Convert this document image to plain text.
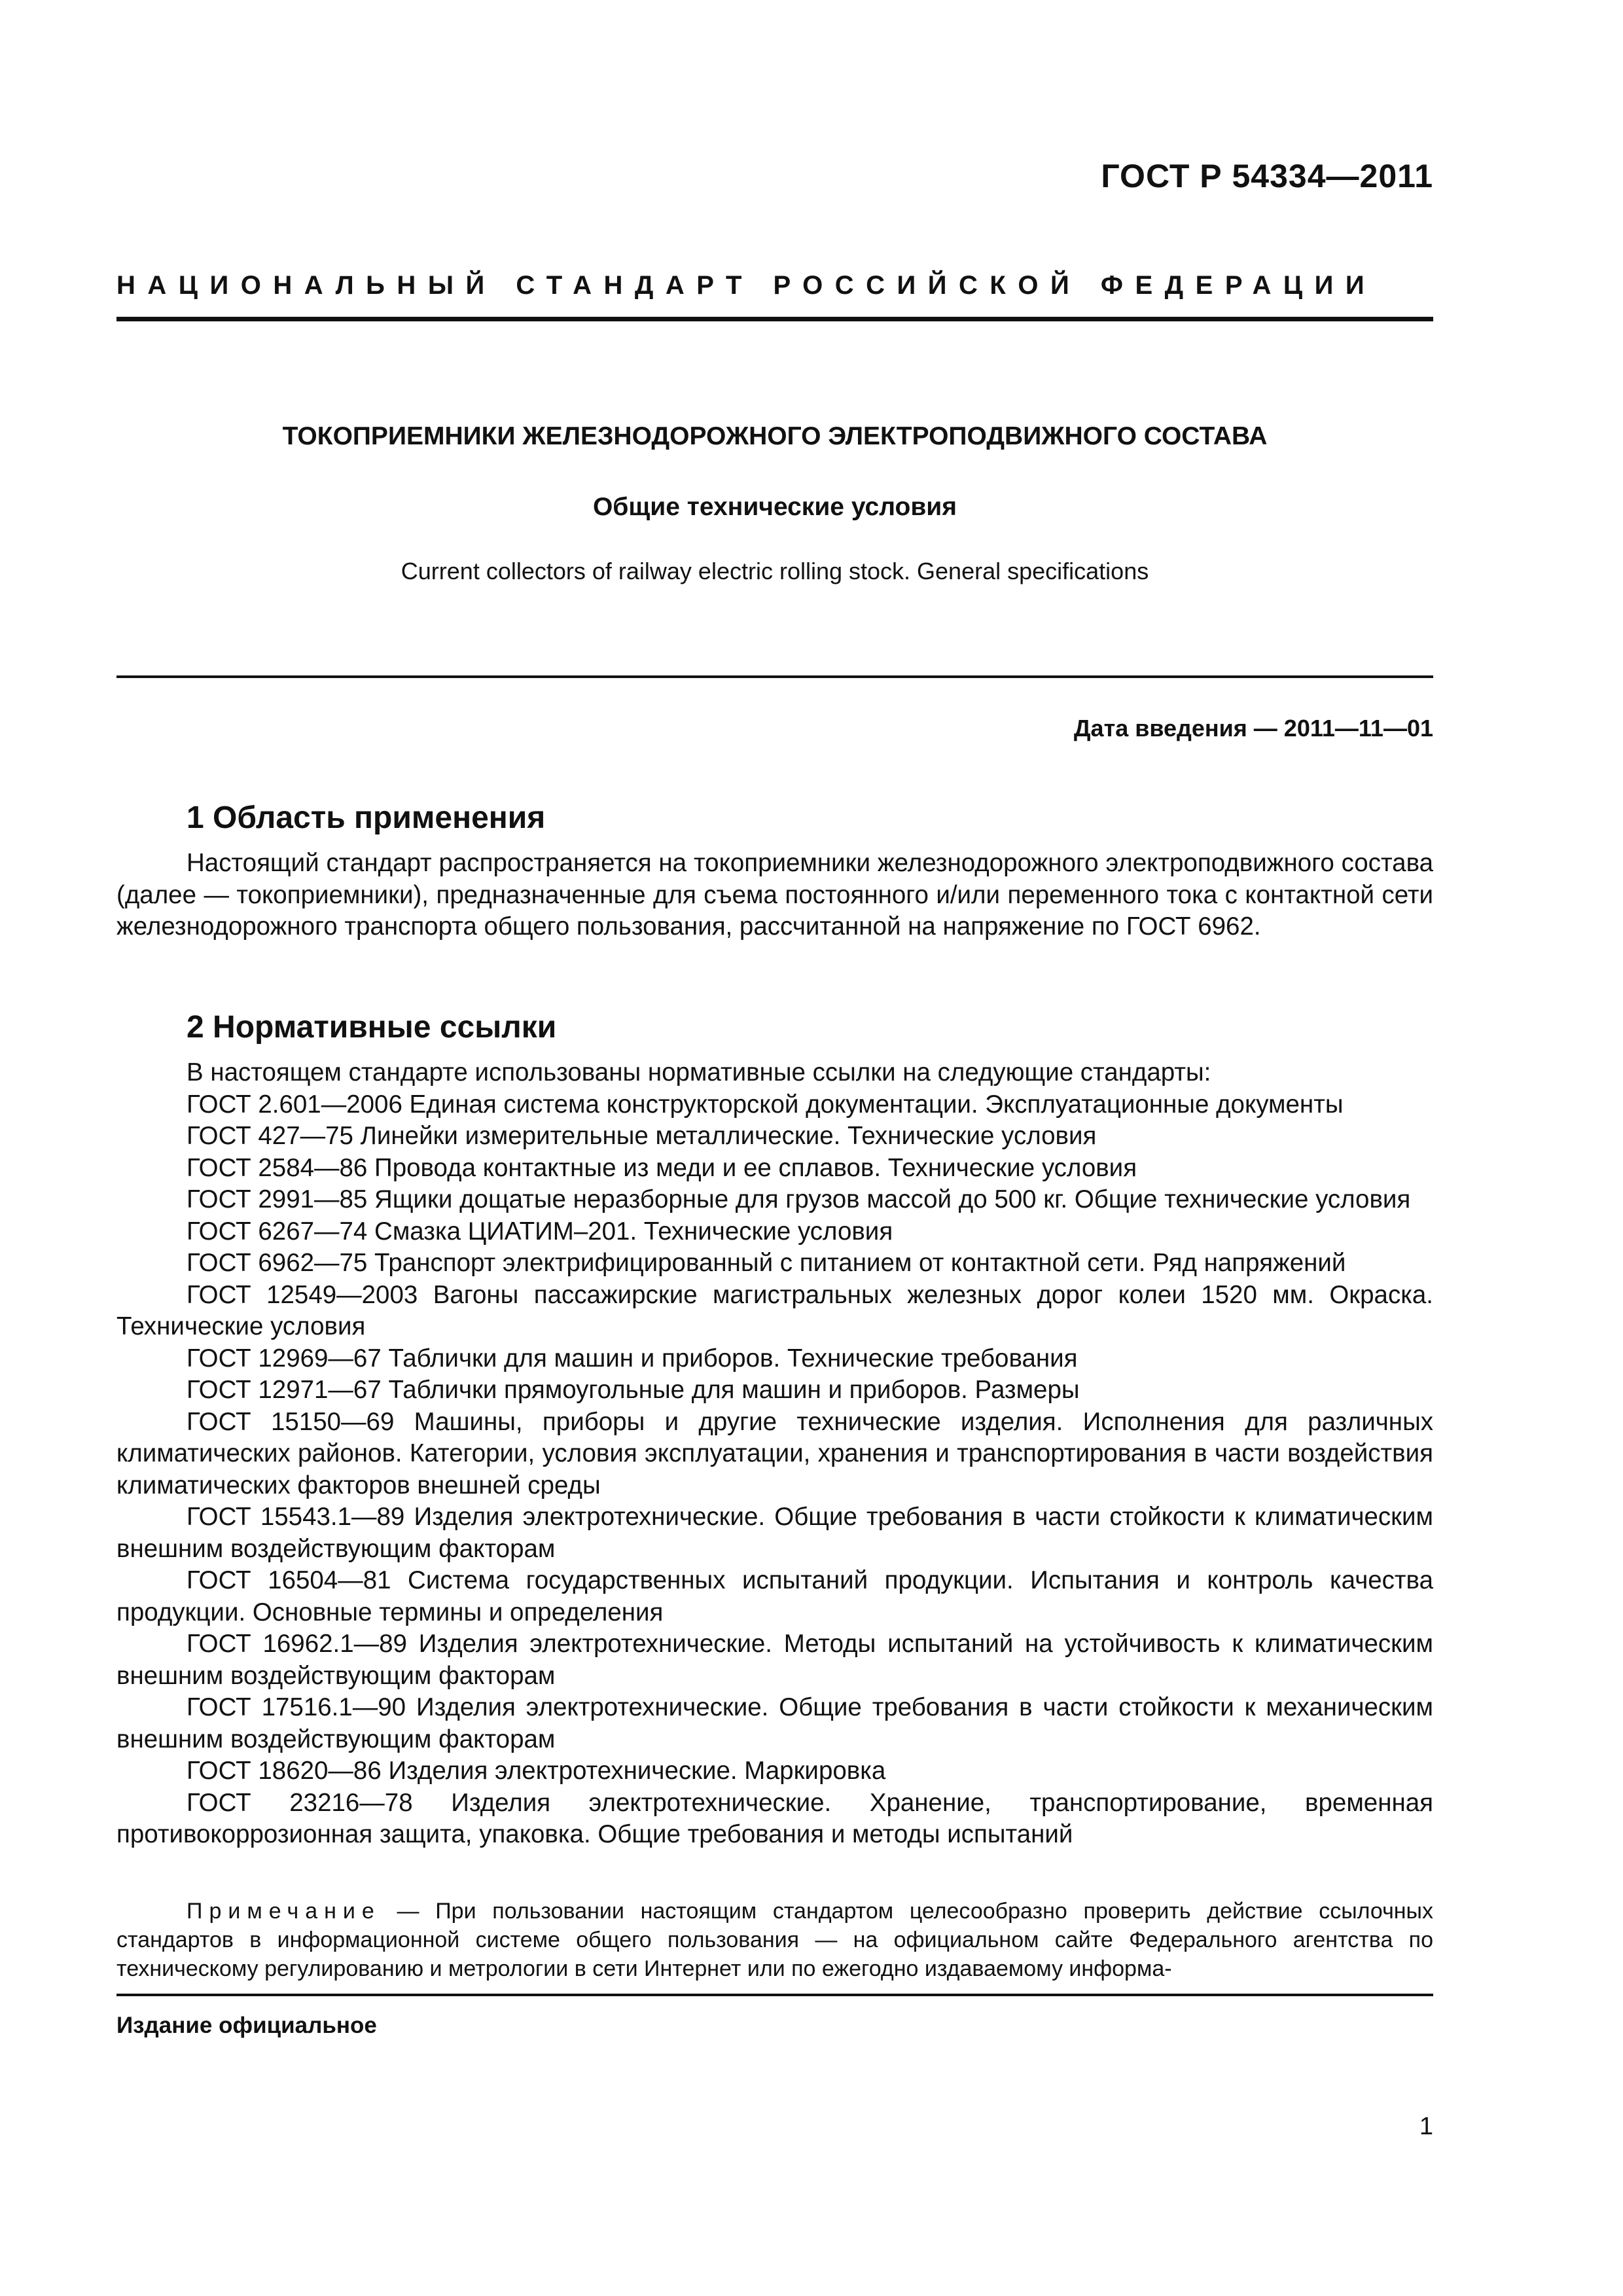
ГОСТ Р 54334—2011
НАЦИОНАЛЬНЫЙ СТАНДАРТ РОССИЙСКОЙ ФЕДЕРАЦИИ
ТОКОПРИЕМНИКИ ЖЕЛЕЗНОДОРОЖНОГО ЭЛЕКТРОПОДВИЖНОГО СОСТАВА
Общие технические условия
Current collectors of railway electric rolling stock. General specifications
Дата введения — 2011—11—01
1 Область применения

Настоящий стандарт распространяется на токоприемники железнодорожного электроподвижного состава (далее — токоприемники), предназначенные для съема постоянного и/или переменного тока с контактной сети железнодорожного транспорта общего пользования, рассчитанной на напряжение по ГОСТ 6962.

2 Нормативные ссылки

В настоящем стандарте использованы нормативные ссылки на следующие стандарты:

ГОСТ 2.601—2006 Единая система конструкторской документации. Эксплуатационные документы

ГОСТ 427—75 Линейки измерительные металлические. Технические условия

ГОСТ 2584—86 Провода контактные из меди и ее сплавов. Технические условия

ГОСТ 2991—85 Ящики дощатые неразборные для грузов массой до 500 кг. Общие технические условия

ГОСТ 6267—74 Смазка ЦИАТИМ–201. Технические условия

ГОСТ 6962—75 Транспорт электрифицированный с питанием от контактной сети. Ряд напряжений

ГОСТ 12549—2003 Вагоны пассажирские магистральных железных дорог колеи 1520 мм. Окраска. Технические условия

ГОСТ 12969—67 Таблички для машин и приборов. Технические требования

ГОСТ 12971—67 Таблички прямоугольные для машин и приборов. Размеры

ГОСТ 15150—69 Машины, приборы и другие технические изделия. Исполнения для различных климатических районов. Категории, условия эксплуатации, хранения и транспортирования в части воздействия климатических факторов внешней среды

ГОСТ 15543.1—89 Изделия электротехнические. Общие требования в части стойкости к климатическим внешним воздействующим факторам

ГОСТ 16504—81 Система государственных испытаний продукции. Испытания и контроль качества продукции. Основные термины и определения

ГОСТ 16962.1—89 Изделия электротехнические. Методы испытаний на устойчивость к климатическим внешним воздействующим факторам

ГОСТ 17516.1—90 Изделия электротехнические. Общие требования в части стойкости к механическим внешним воздействующим факторам

ГОСТ 18620—86 Изделия электротехнические. Маркировка

ГОСТ 23216—78 Изделия электротехнические. Хранение, транспортирование, временная противокоррозионная защита, упаковка. Общие требования и методы испытаний

Примечание — При пользовании настоящим стандартом целесообразно проверить действие ссылочных стандартов в информационной системе общего пользования — на официальном сайте Федерального агентства по техническому регулированию и метрологии в сети Интернет или по ежегодно издаваемому информа-
Издание официальное
1
